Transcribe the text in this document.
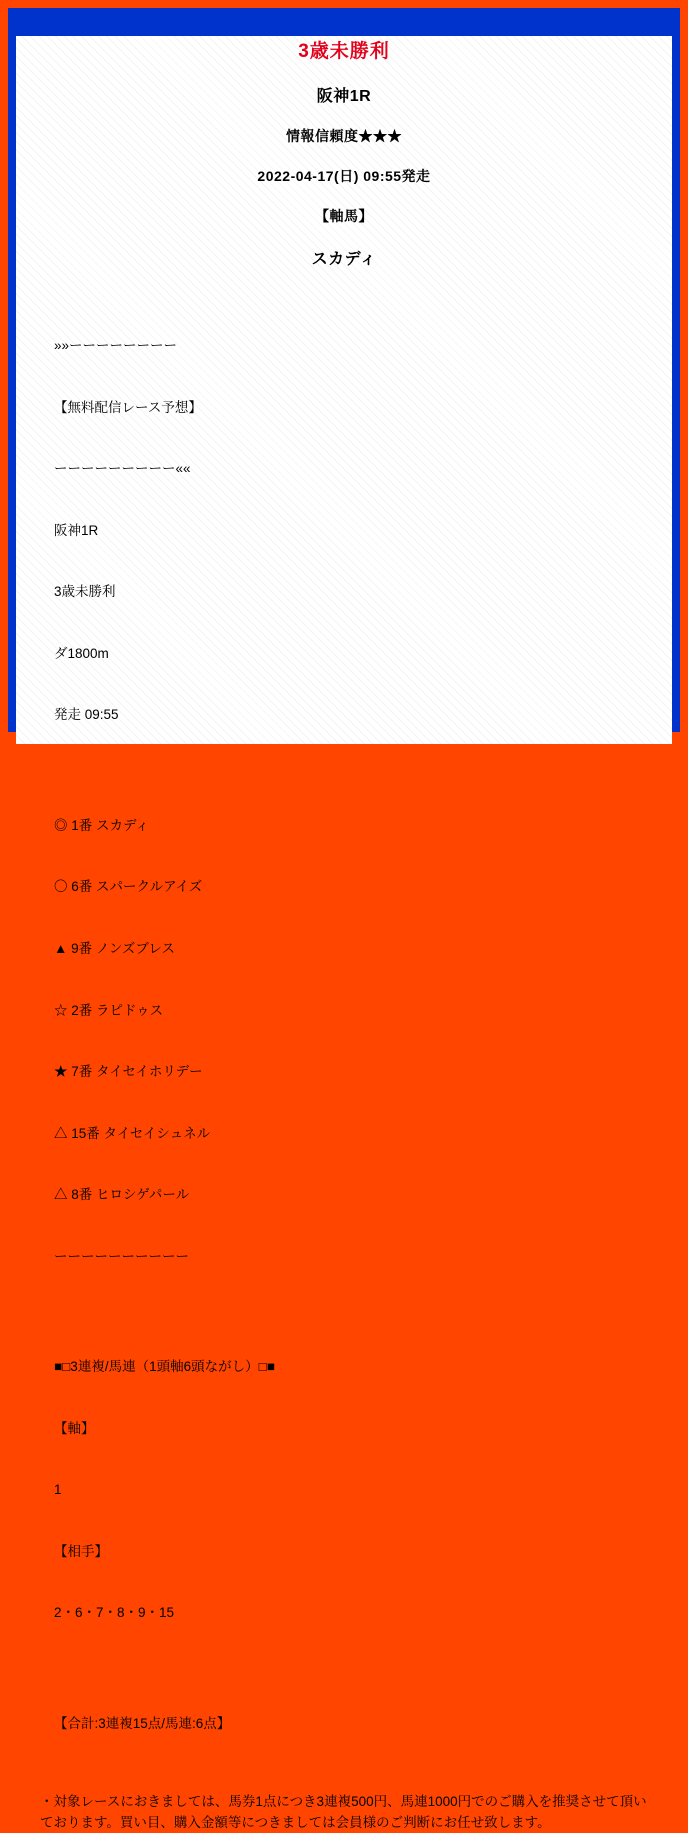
3歳未勝利
阪神1R
情報信頼度★★★
2022-04-17(日) 09:55発走
【軸馬】
スカディ

»»ーーーーーーーー

【無料配信レース予想】

ーーーーーーーーー««

阪神1R

3歳未勝利

ダ1800m

発走 09:55

◎ 1番 スカディ

〇 6番 スパークルアイズ

▲ 9番 ノンズブレス

☆ 2番 ラピドゥス

★ 7番 タイセイホリデー

△ 15番 タイセイシュネル

△ 8番 ヒロシゲパール

ーーーーーーーーーー

■□3連複/馬連（1頭軸6頭ながし）□■

【軸】

1

【相手】

2・6・7・8・9・15

【合計:3連複15点/馬連:6点】

・対象レースにおきましては、馬券1点につき3連複500円、馬連1000円でのご購入を推奨させて頂いております。買い目、購入金額等につきましては会員様のご判断にお任せ致します。
